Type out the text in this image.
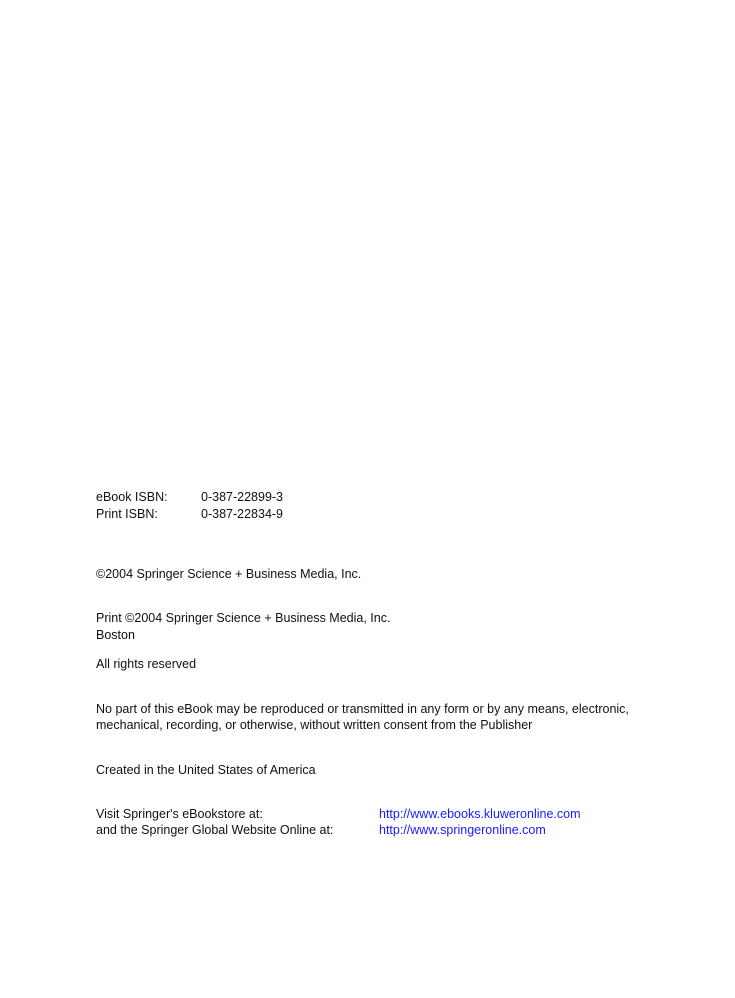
eBook ISBN:	0-387-22899-3
Print ISBN:	0-387-22834-9
©2004 Springer Science + Business Media, Inc.
Print ©2004 Springer Science + Business Media, Inc.
Boston
All rights reserved
No part of this eBook may be reproduced or transmitted in any form or by any means, electronic,
mechanical, recording, or otherwise, without written consent from the Publisher
Created in the United States of America
Visit Springer's eBookstore at:	http://www.ebooks.kluweronline.com
and the Springer Global Website Online at:	http://www.springeronline.com
